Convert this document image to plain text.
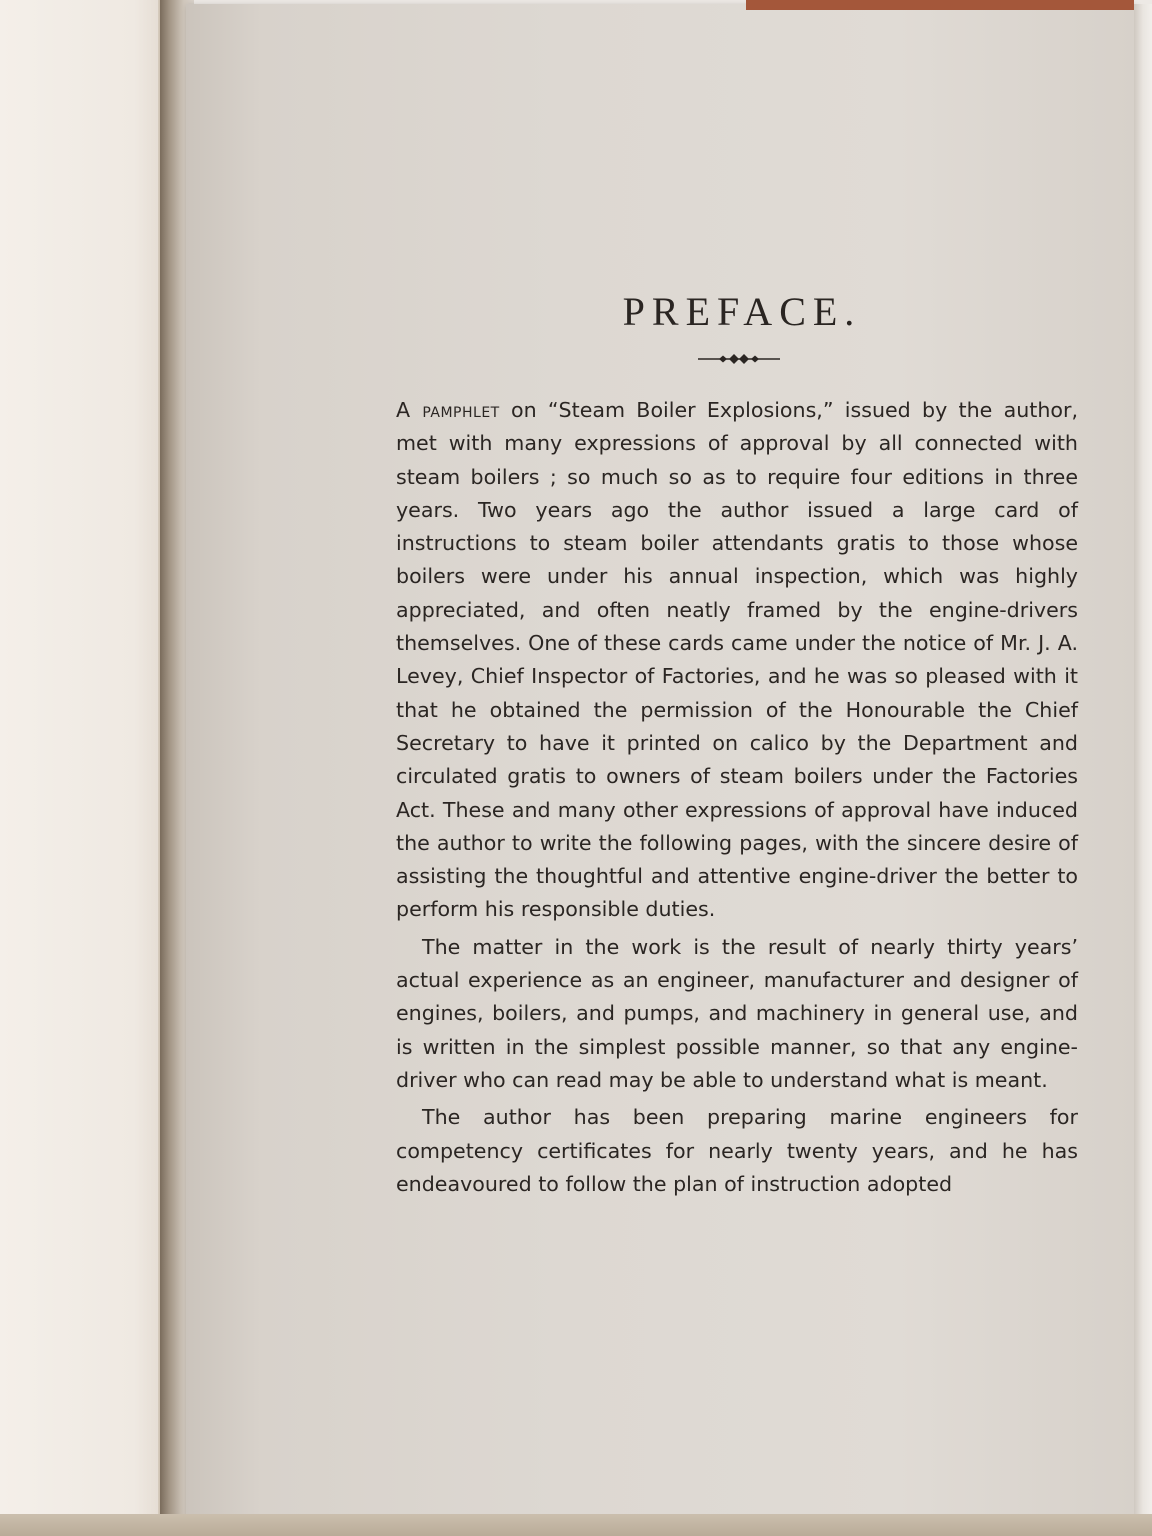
PREFACE.

A pamphlet on “Steam Boiler Explosions,” issued by the author, met with many expressions of approval by all connected with steam boilers ; so much so as to require four editions in three years. Two years ago the author issued a large card of instructions to steam boiler attendants gratis to those whose boilers were under his annual inspection, which was highly appreciated, and often neatly framed by the engine-drivers themselves. One of these cards came under the notice of Mr. J. A. Levey, Chief Inspector of Factories, and he was so pleased with it that he obtained the permission of the Honourable the Chief Secretary to have it printed on calico by the Department and circulated gratis to owners of steam boilers under the Factories Act. These and many other expressions of approval have induced the author to write the following pages, with the sincere desire of assisting the thoughtful and attentive engine-driver the better to perform his responsible duties.

The matter in the work is the result of nearly thirty years’ actual experience as an engineer, manufacturer and designer of engines, boilers, and pumps, and machinery in general use, and is written in the simplest possible manner, so that any engine-driver who can read may be able to understand what is meant.

The author has been preparing marine engineers for competency certificates for nearly twenty years, and he has endeavoured to follow the plan of instruction adopted
